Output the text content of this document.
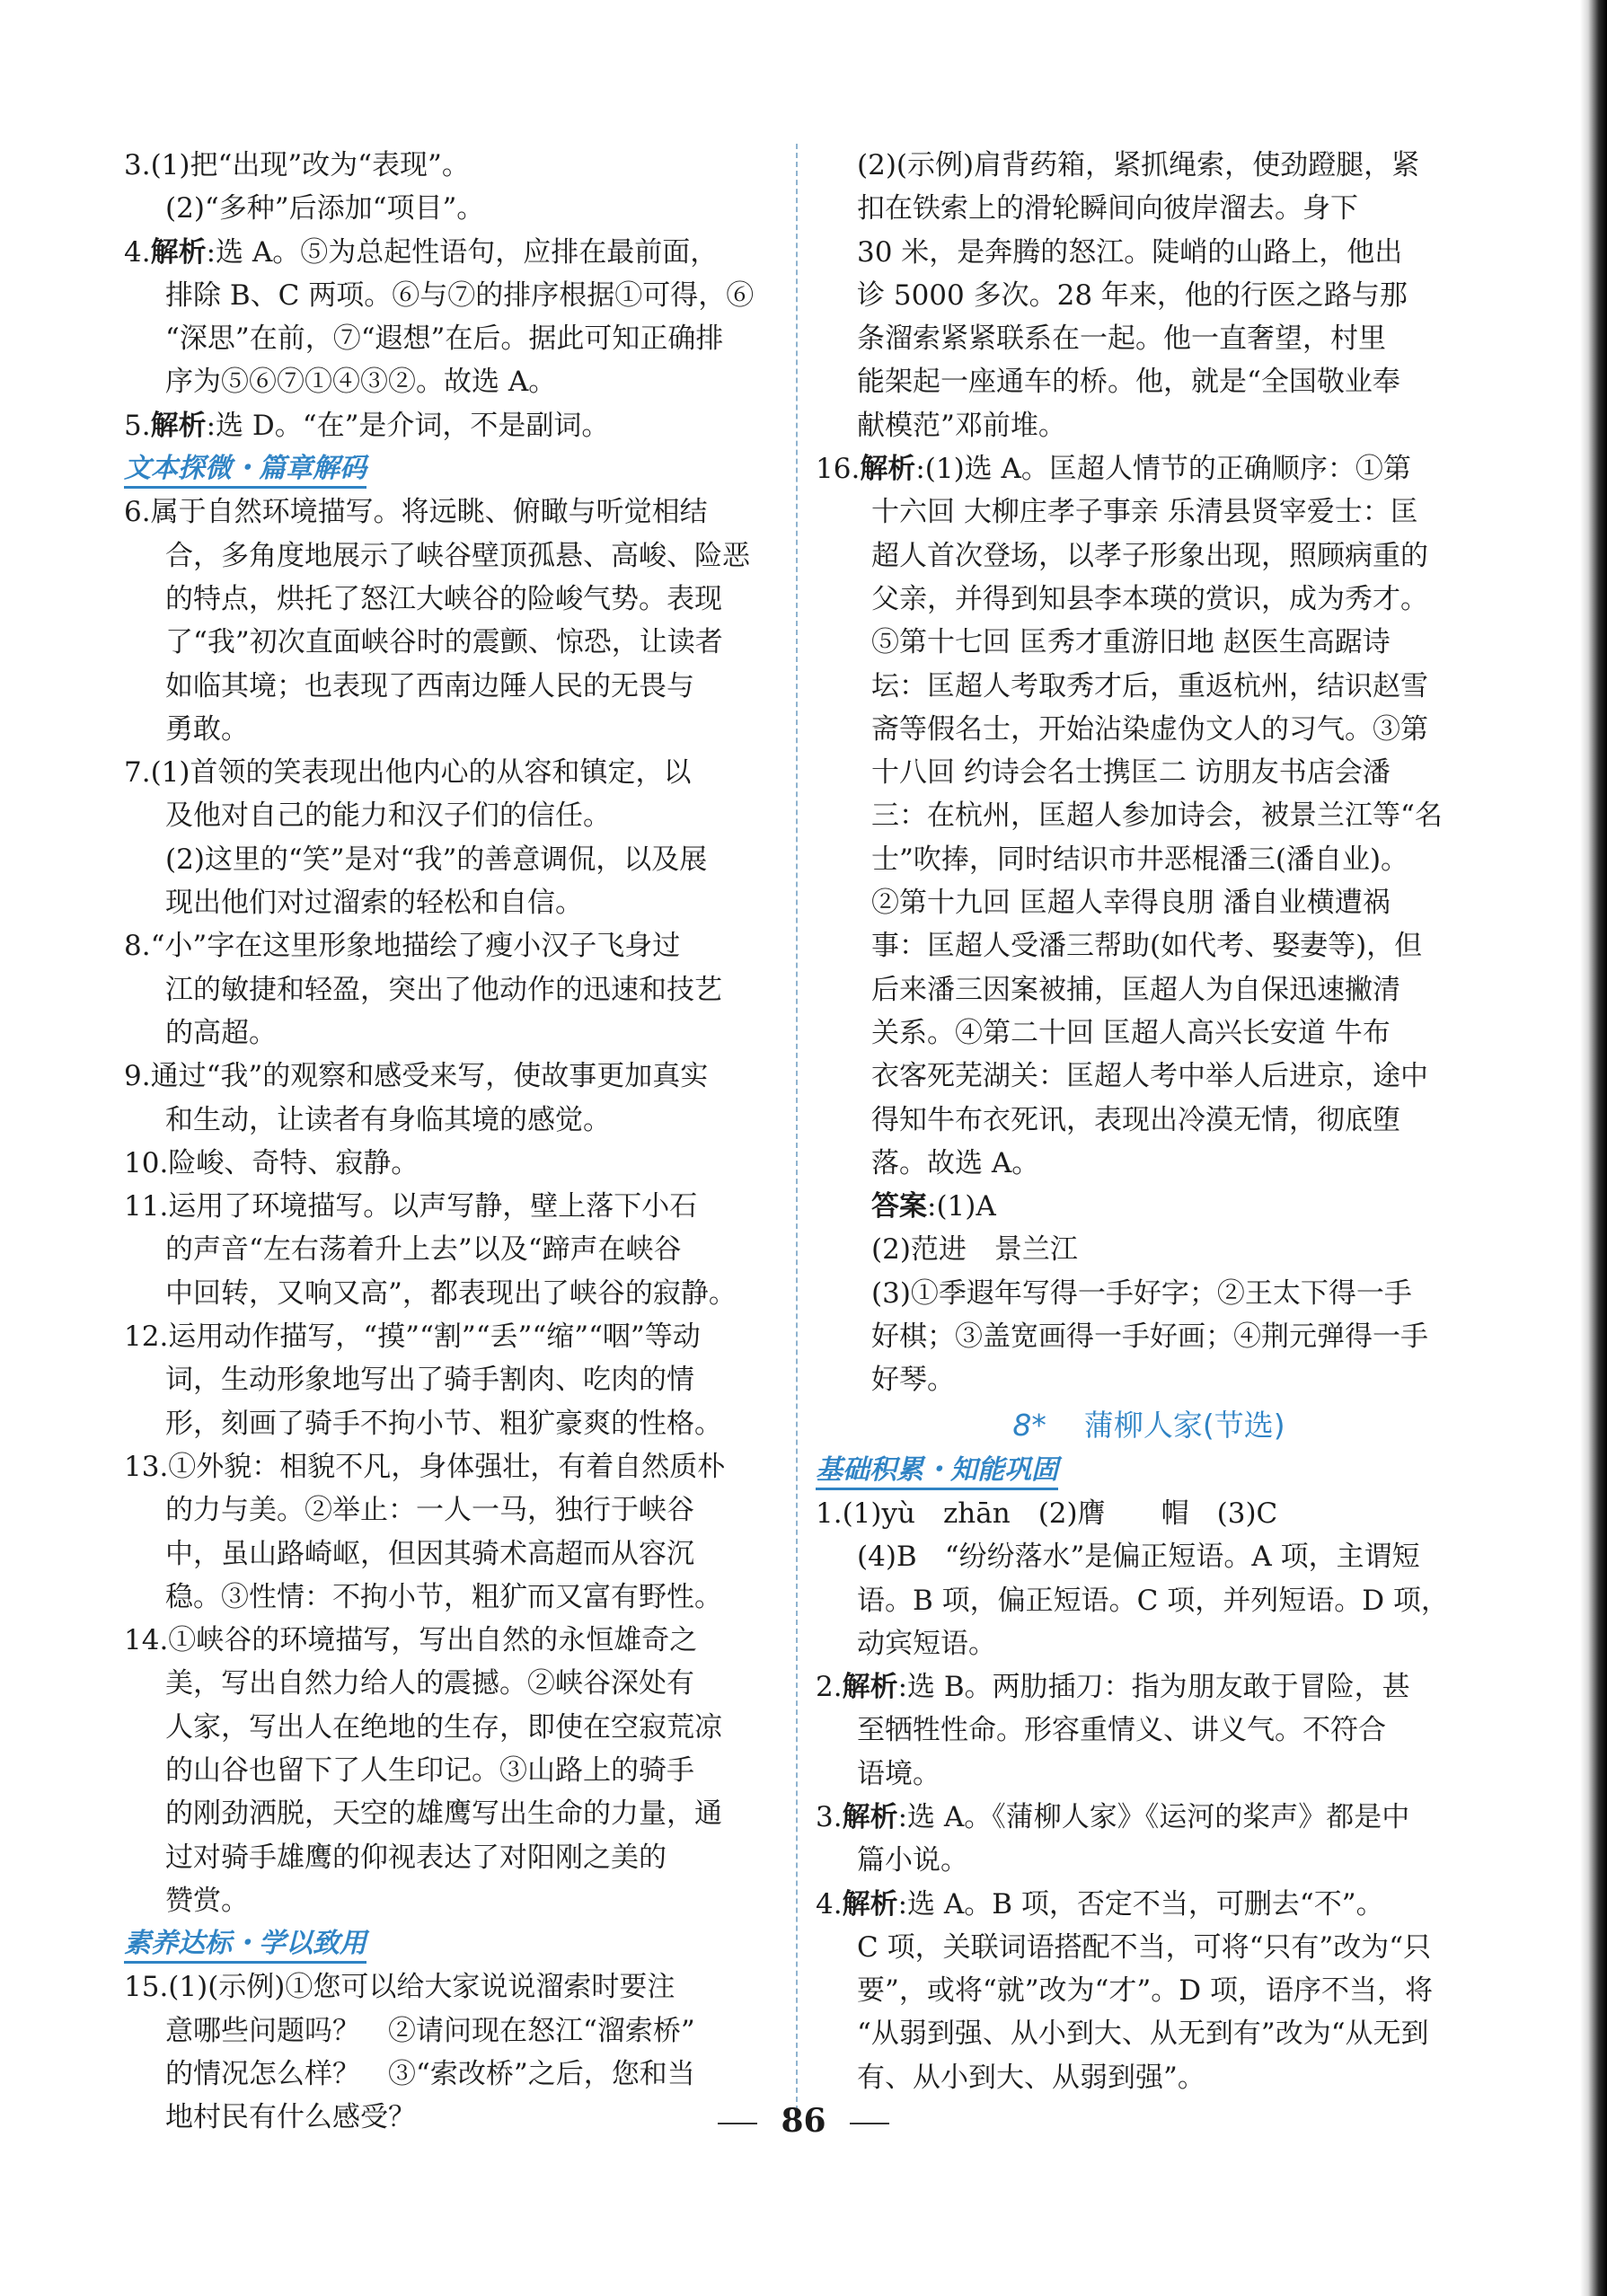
3.(1)把“出现”改为“表现”。
(2)“多种”后添加“项目”。
4.解析:选 A。⑤为总起性语句，应排在最前面，
排除 B、C 两项。⑥与⑦的排序根据①可得，⑥
“深思”在前，⑦“遐想”在后。据此可知正确排
序为⑤⑥⑦①④③②。故选 A。
5.解析:选 D。“在”是介词，不是副词。
文本探微・篇章解码
6.属于自然环境描写。将远眺、俯瞰与听觉相结
合，多角度地展示了峡谷壁顶孤悬、高峻、险恶
的特点，烘托了怒江大峡谷的险峻气势。表现
了“我”初次直面峡谷时的震颤、惊恐，让读者
如临其境；也表现了西南边陲人民的无畏与
勇敢。
7.(1)首领的笑表现出他内心的从容和镇定，以
及他对自己的能力和汉子们的信任。
(2)这里的“笑”是对“我”的善意调侃，以及展
现出他们对过溜索的轻松和自信。
8.“小”字在这里形象地描绘了瘦小汉子飞身过
江的敏捷和轻盈，突出了他动作的迅速和技艺
的高超。
9.通过“我”的观察和感受来写，使故事更加真实
和生动，让读者有身临其境的感觉。
10.险峻、奇特、寂静。
11.运用了环境描写。以声写静，壁上落下小石
的声音“左右荡着升上去”以及“蹄声在峡谷
中回转，又响又高”，都表现出了峡谷的寂静。
12.运用动作描写，“摸”“割”“丢”“缩”“咽”等动
词，生动形象地写出了骑手割肉、吃肉的情
形，刻画了骑手不拘小节、粗犷豪爽的性格。
13.①外貌：相貌不凡，身体强壮，有着自然质朴
的力与美。②举止：一人一马，独行于峡谷
中，虽山路崎岖，但因其骑术高超而从容沉
稳。③性情：不拘小节，粗犷而又富有野性。
14.①峡谷的环境描写，写出自然的永恒雄奇之
美，写出自然力给人的震撼。②峡谷深处有
人家，写出人在绝地的生存，即使在空寂荒凉
的山谷也留下了人生印记。③山路上的骑手
的刚劲洒脱，天空的雄鹰写出生命的力量，通
过对骑手雄鹰的仰视表达了对阳刚之美的
赞赏。
素养达标・学以致用
15.(1)(示例)①您可以给大家说说溜索时要注
意哪些问题吗？　②请问现在怒江“溜索桥”
的情况怎么样？　③“索改桥”之后，您和当
地村民有什么感受？
(2)(示例)肩背药箱，紧抓绳索，使劲蹬腿，紧
扣在铁索上的滑轮瞬间向彼岸溜去。身下
30 米，是奔腾的怒江。陡峭的山路上，他出
诊 5000 多次。28 年来，他的行医之路与那
条溜索紧紧联系在一起。他一直奢望，村里
能架起一座通车的桥。他，就是“全国敬业奉
献模范”邓前堆。
16.解析:(1)选 A。匡超人情节的正确顺序：①第
十六回 大柳庄孝子事亲 乐清县贤宰爱士：匡
超人首次登场，以孝子形象出现，照顾病重的
父亲，并得到知县李本瑛的赏识，成为秀才。
⑤第十七回 匡秀才重游旧地 赵医生高踞诗
坛：匡超人考取秀才后，重返杭州，结识赵雪
斋等假名士，开始沾染虚伪文人的习气。③第
十八回 约诗会名士携匡二 访朋友书店会潘
三：在杭州，匡超人参加诗会，被景兰江等“名
士”吹捧，同时结识市井恶棍潘三(潘自业)。
②第十九回 匡超人幸得良朋 潘自业横遭祸
事：匡超人受潘三帮助(如代考、娶妻等)，但
后来潘三因案被捕，匡超人为自保迅速撇清
关系。④第二十回 匡超人高兴长安道 牛布
衣客死芜湖关：匡超人考中举人后进京，途中
得知牛布衣死讯，表现出冷漠无情，彻底堕
落。故选 A。
答案:(1)A
(2)范进　景兰江
(3)①季遐年写得一手好字；②王太下得一手
好棋；③盖宽画得一手好画；④荆元弹得一手
好琴。
8* 蒲柳人家(节选)
基础积累・知能巩固
1.(1)yù　zhān　(2)膺　　帽　(3)C
(4)B　“纷纷落水”是偏正短语。A 项，主谓短
语。B 项，偏正短语。C 项，并列短语。D 项，
动宾短语。
2.解析:选 B。两肋插刀：指为朋友敢于冒险，甚
至牺牲性命。形容重情义、讲义气。不符合
语境。
3.解析:选 A。《蒲柳人家》《运河的桨声》都是中
篇小说。
4.解析:选 A。B 项，否定不当，可删去“不”。
C 项，关联词语搭配不当，可将“只有”改为“只
要”，或将“就”改为“才”。D 项，语序不当，将
“从弱到强、从小到大、从无到有”改为“从无到
有、从小到大、从弱到强”。
86
